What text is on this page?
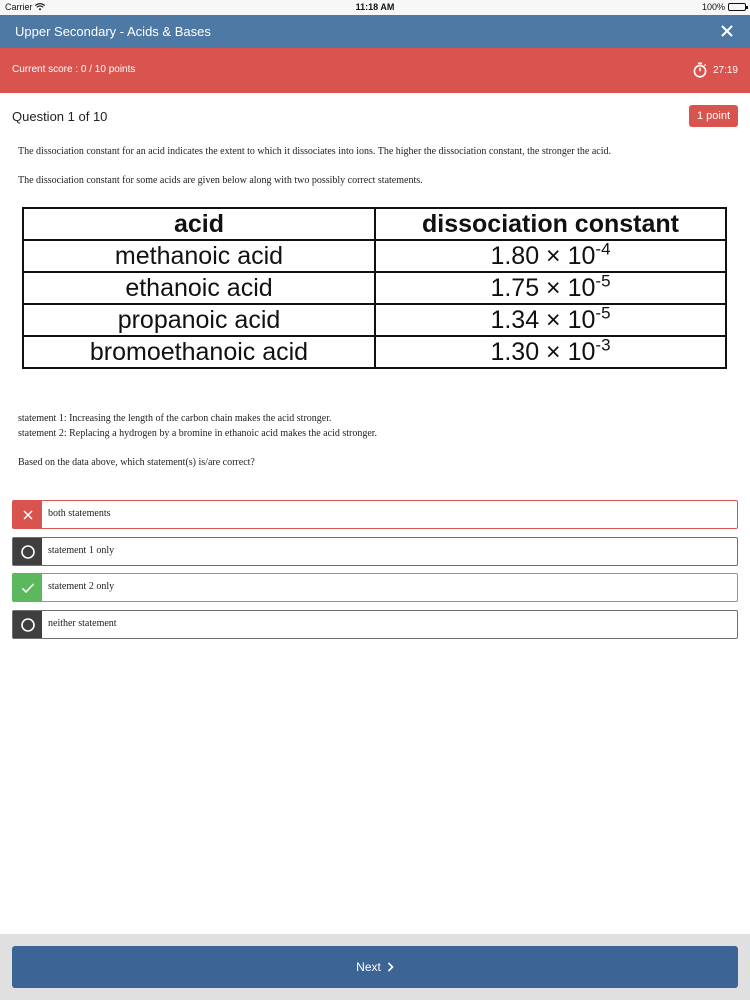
Carrier	11:18 AM	100%
Upper Secondary - Acids & Bases
Current score : 0 / 10 points	27:19
Question 1 of 10	1 point

The dissociation constant for an acid indicates the extent to which it dissociates into ions. The higher the dissociation constant, the stronger the acid.

The dissociation constant for some acids are given below along with two possibly correct statements.

acid	dissociation constant
methanoic acid	$1.80 \times 10^{-4}$
ethanoic acid	$1.75 \times 10^{-5}$
propanoic acid	$1.34 \times 10^{-5}$
bromoethanoic acid	$1.30 \times 10^{-3}$

statement 1: Increasing the length of the carbon chain makes the acid stronger.

statement 2: Replacing a hydrogen by a bromine in ethanoic acid makes the acid stronger.

Based on the data above, which statement(s) is/are correct?

both statements
statement 1 only
statement 2 only
neither statement
Next
